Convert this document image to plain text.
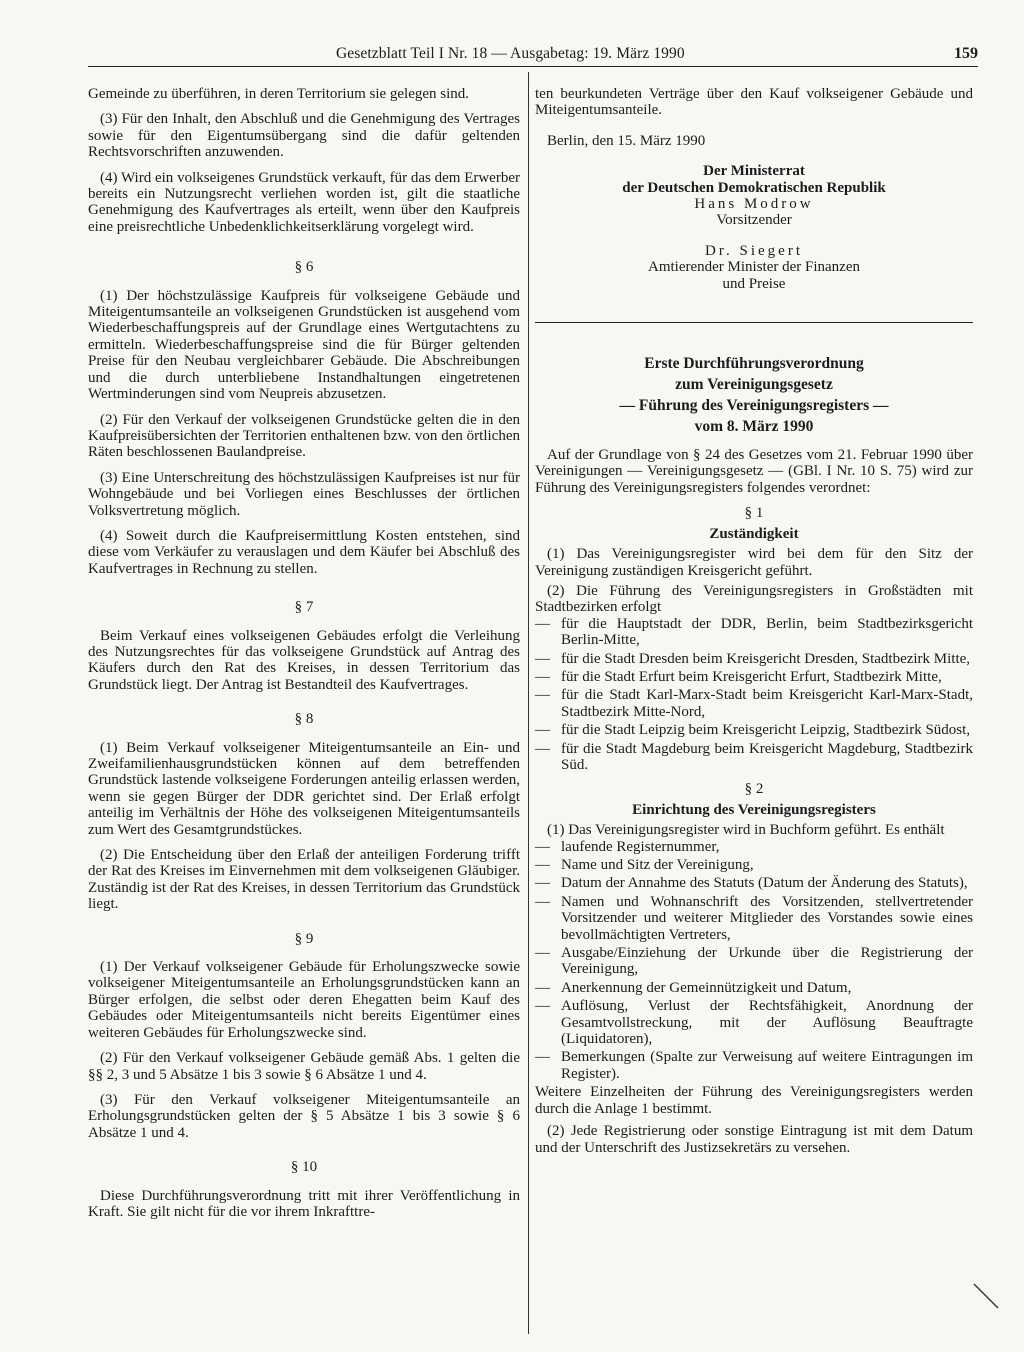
Gesetzblatt Teil I Nr. 18 — Ausgabetag: 19. März 1990	159

Gemeinde zu überführen, in deren Territorium sie gelegen sind.

(3) Für den Inhalt, den Abschluß und die Genehmigung des Vertrages sowie für den Eigentumsübergang sind die dafür geltenden Rechtsvorschriften anzuwenden.

(4) Wird ein volkseigenes Grundstück verkauft, für das dem Erwerber bereits ein Nutzungsrecht verliehen worden ist, gilt die staatliche Genehmigung des Kaufvertrages als erteilt, wenn über den Kaufpreis eine preisrechtliche Unbedenklichkeitserklärung vorgelegt wird.

§ 6

(1) Der höchstzulässige Kaufpreis für volkseigene Gebäude und Miteigentumsanteile an volkseigenen Grundstücken ist ausgehend vom Wiederbeschaffungspreis auf der Grundlage eines Wertgutachtens zu ermitteln. Wiederbeschaffungspreise sind die für Bürger geltenden Preise für den Neubau vergleichbarer Gebäude. Die Abschreibungen und die durch unterbliebene Instandhaltungen eingetretenen Wertminderungen sind vom Neupreis abzusetzen.

(2) Für den Verkauf der volkseigenen Grundstücke gelten die in den Kaufpreisübersichten der Territorien enthaltenen bzw. von den örtlichen Räten beschlossenen Baulandpreise.

(3) Eine Unterschreitung des höchstzulässigen Kaufpreises ist nur für Wohngebäude und bei Vorliegen eines Beschlusses der örtlichen Volksvertretung möglich.

(4) Soweit durch die Kaufpreisermittlung Kosten entstehen, sind diese vom Verkäufer zu verauslagen und dem Käufer bei Abschluß des Kaufvertrages in Rechnung zu stellen.

§ 7

Beim Verkauf eines volkseigenen Gebäudes erfolgt die Verleihung des Nutzungsrechtes für das volkseigene Grundstück auf Antrag des Käufers durch den Rat des Kreises, in dessen Territorium das Grundstück liegt. Der Antrag ist Bestandteil des Kaufvertrages.

§ 8

(1) Beim Verkauf volkseigener Miteigentumsanteile an Ein- und Zweifamilienhausgrundstücken können auf dem betreffenden Grundstück lastende volkseigene Forderungen anteilig erlassen werden, wenn sie gegen Bürger der DDR gerichtet sind. Der Erlaß erfolgt anteilig im Verhältnis der Höhe des volkseigenen Miteigentumsanteils zum Wert des Gesamtgrundstückes.

(2) Die Entscheidung über den Erlaß der anteiligen Forderung trifft der Rat des Kreises im Einvernehmen mit dem volkseigenen Gläubiger. Zuständig ist der Rat des Kreises, in dessen Territorium das Grundstück liegt.

§ 9

(1) Der Verkauf volkseigener Gebäude für Erholungszwecke sowie volkseigener Miteigentumsanteile an Erholungsgrundstücken kann an Bürger erfolgen, die selbst oder deren Ehegatten beim Kauf des Gebäudes oder Miteigentumsanteils nicht bereits Eigentümer eines weiteren Gebäudes für Erholungszwecke sind.

(2) Für den Verkauf volkseigener Gebäude gemäß Abs. 1 gelten die §§ 2, 3 und 5 Absätze 1 bis 3 sowie § 6 Absätze 1 und 4.

(3) Für den Verkauf volkseigener Miteigentumsanteile an Erholungsgrundstücken gelten der § 5 Absätze 1 bis 3 sowie § 6 Absätze 1 und 4.

§ 10

Diese Durchführungsverordnung tritt mit ihrer Veröffentlichung in Kraft. Sie gilt nicht für die vor ihrem Inkrafttre-

ten beurkundeten Verträge über den Kauf volkseigener Gebäude und Miteigentumsanteile.

Berlin, den 15. März 1990

Der Ministerrat

der Deutschen Demokratischen Republik

Hans Modrow

Vorsitzender

Dr. Siegert

Amtierender Minister der Finanzen

und Preise

Erste Durchführungsverordnung

zum Vereinigungsgesetz

— Führung des Vereinigungsregisters —

vom 8. März 1990

Auf der Grundlage von § 24 des Gesetzes vom 21. Februar 1990 über Vereinigungen — Vereinigungsgesetz — (GBl. I Nr. 10 S. 75) wird zur Führung des Vereinigungsregisters folgendes verordnet:

§ 1
Zuständigkeit

(1) Das Vereinigungsregister wird bei dem für den Sitz der Vereinigung zuständigen Kreisgericht geführt.

(2) Die Führung des Vereinigungsregisters in Großstädten mit Stadtbezirken erfolgt

— für die Hauptstadt der DDR, Berlin, beim Stadtbezirksgericht Berlin-Mitte,
— für die Stadt Dresden beim Kreisgericht Dresden, Stadtbezirk Mitte,
— für die Stadt Erfurt beim Kreisgericht Erfurt, Stadtbezirk Mitte,
— für die Stadt Karl-Marx-Stadt beim Kreisgericht Karl-Marx-Stadt, Stadtbezirk Mitte-Nord,
— für die Stadt Leipzig beim Kreisgericht Leipzig, Stadtbezirk Südost,
— für die Stadt Magdeburg beim Kreisgericht Magdeburg, Stadtbezirk Süd.
§ 2
Einrichtung des Vereinigungsregisters

(1) Das Vereinigungsregister wird in Buchform geführt. Es enthält

— laufende Registernummer,
— Name und Sitz der Vereinigung,
— Datum der Annahme des Statuts (Datum der Änderung des Statuts),
— Namen und Wohnanschrift des Vorsitzenden, stellvertretender Vorsitzender und weiterer Mitglieder des Vorstandes sowie eines bevollmächtigten Vertreters,
— Ausgabe/Einziehung der Urkunde über die Registrierung der Vereinigung,
— Anerkennung der Gemeinnützigkeit und Datum,
— Auflösung, Verlust der Rechtsfähigkeit, Anordnung der Gesamtvollstreckung, mit der Auflösung Beauftragte (Liquidatoren),
— Bemerkungen (Spalte zur Verweisung auf weitere Eintragungen im Register).

Weitere Einzelheiten der Führung des Vereinigungsregisters werden durch die Anlage 1 bestimmt.

(2) Jede Registrierung oder sonstige Eintragung ist mit dem Datum und der Unterschrift des Justizsekretärs zu versehen.
